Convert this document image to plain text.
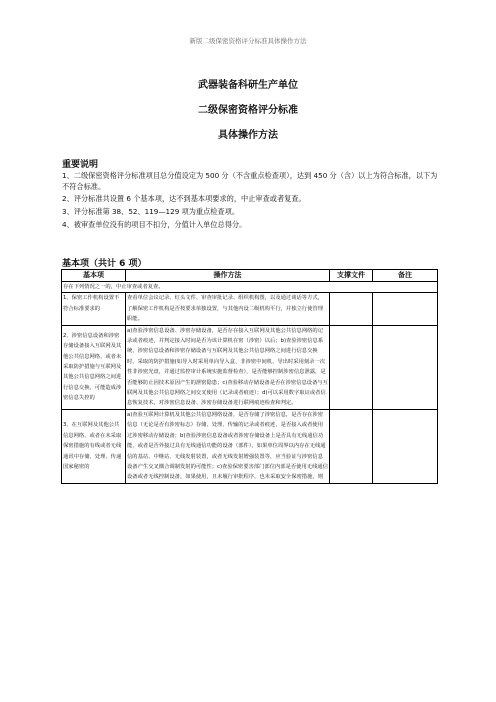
新版二级保密资格评分标准具体操作方法
武器装备科研生产单位
二级保密资格评分标准
具体操作方法
重要说明
1、二级保密资格评分标准项目总分值设定为 500 分（不含重点检查项），达到 450 分（含）以上为符合标准，以下为不符合标准。
2、评分标准共设置 6 个基本项，达不到基本项要求的，中止审查或者复查。
3、评分标准第 38、52、119—129 项为重点检查项。
4、被审查单位没有的项目不扣分，分值计入单位总得分。
基本项（共计 6 项）
基本项	操作方法	支撑文件	备注
存在下列情况之一的，中止审查或者复查。			
1、保密工作机构设置不符合标准要求的	查看单位会议记录、红头文件、审查审批记录、组织机构图，以及通过谈话等方式，了解保密工作机构是否按要求单独设置，与其他内设二级机构平行，并独立行使管理职能。		
2、涉密信息设备和涉密存储设备接入互联网及其他公共信息网络，或者未采取防护措施与互联网及其他公共信息网络之间进行信息交换，可能造成涉密信息失控的	a)查验涉密信息设备、涉密存储设备，是否存在接入互联网及其他公共信息网络的记录或者痕迹，并判定接入时间是否为该计算机在密（涉密）以后；b)查验涉密信息系统、涉密信息设备和涉密存储设备与互联网及其他公共信息网络之间进行信息交换时，采取的防护措施(如导入时采用单向导入盒、非涉密中间机、导出时采用刻录一次性非涉密光盘，并通过监控审计系统实施监督检查），是否能够控制涉密信息泄露，是否能够防止因技术原因产生的泄密隐患；c)查验移动存储设备是否在涉密信息设备与互联网及其他公共信息网络之间交叉使用（记录或者痕迹）；d)可以采用数字取证或者信息恢复技术，对涉密信息设备、涉密存储设备进行联网痕迹检查和判定。		
3、在互联网及其他公共信息网络、或者在未采取保密措施的有线或者无线通讯中存储、处理、传递国家秘密的	a)查验互联网计算机及其他公共信息网络设备，是否存储了涉密信息，是否存在涉密信息（无论是否有涉密标志）存储、处理、传输的记录或者痕迹，是否接入或者使用过涉密移动存储设备；b)查验涉密信息设备或者涉密存储设备上是否具有无线通信功能，或者是否外接过具有无线通信功能的设备（部件），如果单位周界以内存在无线通信的基站、中继站、无线发射装置，或者无线发射增强装置等，应当验证与涉密信息设备产生交叉耦合调制发射的可能性；c)查验保密要害部门部位内部是否使用无线通信设备或者无线控制设备，如果使用，且未履行审批程序，也未采取安全保密措施，则		
